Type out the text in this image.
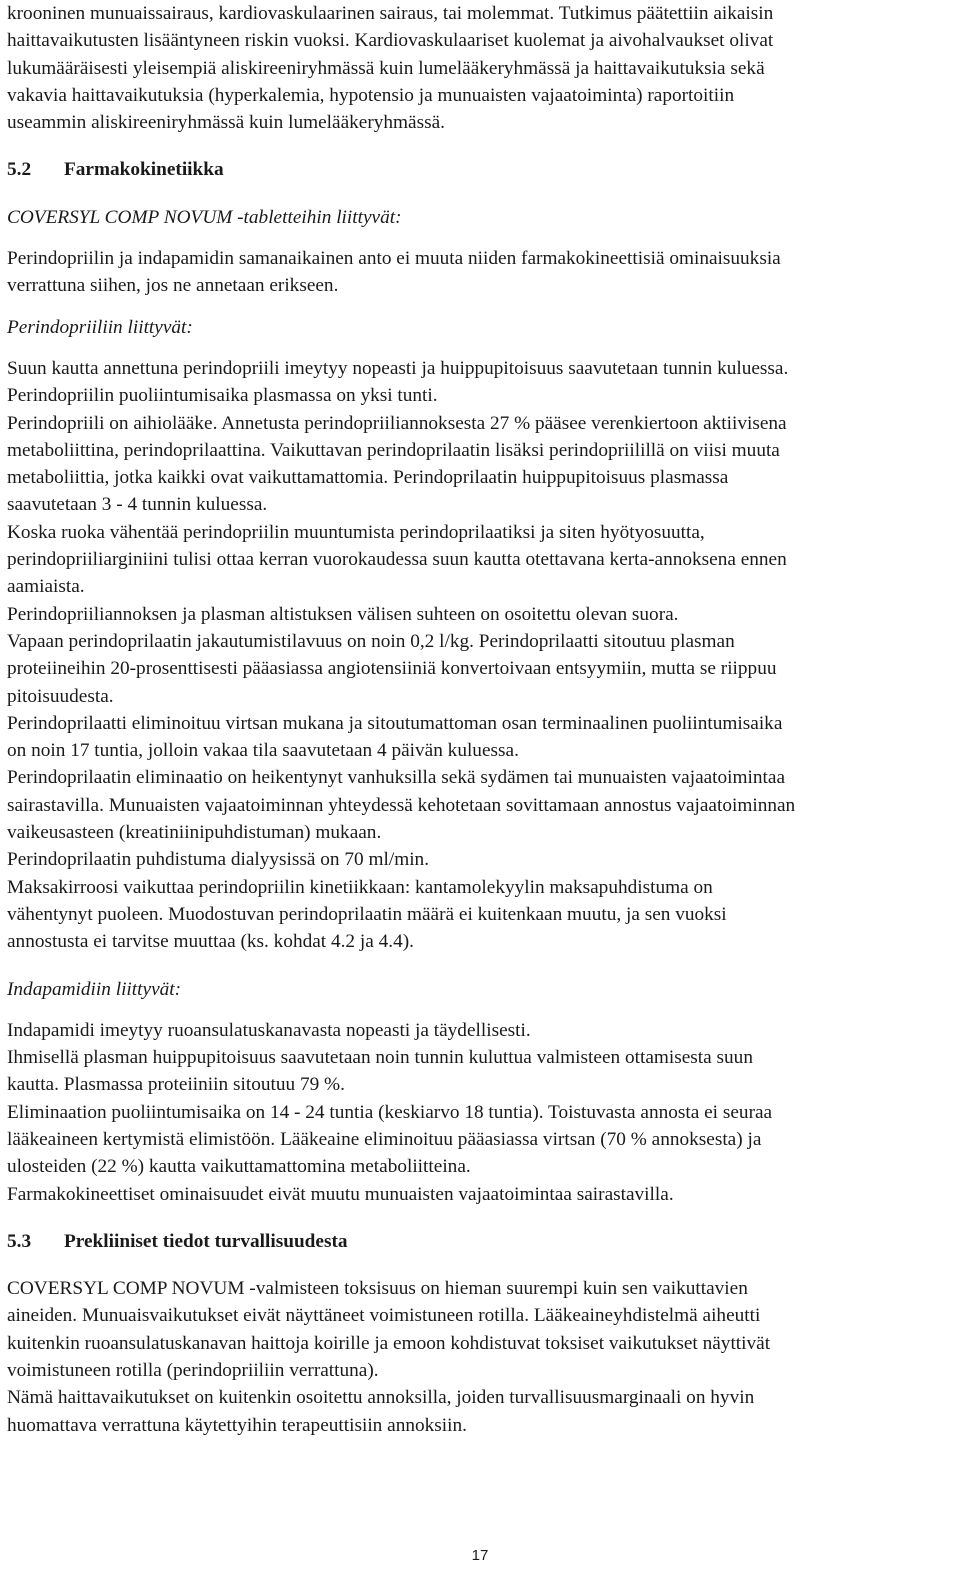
krooninen munuaissairaus, kardiovaskulaarinen sairaus, tai molemmat. Tutkimus päätettiin aikaisin

haittavaikutusten lisääntyneen riskin vuoksi. Kardiovaskulaariset kuolemat ja aivohalvaukset olivat

lukumääräisesti yleisempiä aliskireeniryhmässä kuin lumelääkeryhmässä ja haittavaikutuksia sekä

vakavia haittavaikutuksia (hyperkalemia, hypotensio ja munuaisten vajaatoiminta) raportoitiin

useammin aliskireeniryhmässä kuin lumelääkeryhmässä.

5.2 Farmakokinetiikka

COVERSYL COMP NOVUM -tabletteihin liittyvät:

Perindopriilin ja indapamidin samanaikainen anto ei muuta niiden farmakokineettisiä ominaisuuksia

verrattuna siihen, jos ne annetaan erikseen.

Perindopriiliin liittyvät:

Suun kautta annettuna perindopriili imeytyy nopeasti ja huippupitoisuus saavutetaan tunnin kuluessa.

Perindopriilin puoliintumisaika plasmassa on yksi tunti.

Perindopriili on aihiolääke. Annetusta perindopriiliannoksesta 27 % pääsee verenkiertoon aktiivisena

metaboliittina, perindoprilaattina. Vaikuttavan perindoprilaatin lisäksi perindopriilillä on viisi muuta

metaboliittia, jotka kaikki ovat vaikuttamattomia. Perindoprilaatin huippupitoisuus plasmassa

saavutetaan 3 - 4 tunnin kuluessa.

Koska ruoka vähentää perindopriilin muuntumista perindoprilaatiksi ja siten hyötyosuutta,

perindopriiliarginiini tulisi ottaa kerran vuorokaudessa suun kautta otettavana kerta-annoksena ennen

aamiaista.

Perindopriiliannoksen ja plasman altistuksen välisen suhteen on osoitettu olevan suora.

Vapaan perindoprilaatin jakautumistilavuus on noin 0,2 l/kg. Perindoprilaatti sitoutuu plasman

proteiineihin 20-prosenttisesti pääasiassa angiotensiiniä konvertoivaan entsyymiin, mutta se riippuu

pitoisuudesta.

Perindoprilaatti eliminoituu virtsan mukana ja sitoutumattoman osan terminaalinen puoliintumisaika

on noin 17 tuntia, jolloin vakaa tila saavutetaan 4 päivän kuluessa.

Perindoprilaatin eliminaatio on heikentynyt vanhuksilla sekä sydämen tai munuaisten vajaatoimintaa

sairastavilla. Munuaisten vajaatoiminnan yhteydessä kehotetaan sovittamaan annostus vajaatoiminnan

vaikeusasteen (kreatiniinipuhdistuman) mukaan.

Perindoprilaatin puhdistuma dialyysissä on 70 ml/min.

Maksakirroosi vaikuttaa perindopriilin kinetiikkaan: kantamolekyylin maksapuhdistuma on

vähentynyt puoleen. Muodostuvan perindoprilaatin määrä ei kuitenkaan muutu, ja sen vuoksi

annostusta ei tarvitse muuttaa (ks. kohdat 4.2 ja 4.4).

Indapamidiin liittyvät:

Indapamidi imeytyy ruoansulatuskanavasta nopeasti ja täydellisesti.

Ihmisellä plasman huippupitoisuus saavutetaan noin tunnin kuluttua valmisteen ottamisesta suun

kautta. Plasmassa proteiiniin sitoutuu 79 %.

Eliminaation puoliintumisaika on 14 - 24 tuntia (keskiarvo 18 tuntia). Toistuvasta annosta ei seuraa

lääkeaineen kertymistä elimistöön. Lääkeaine eliminoituu pääasiassa virtsan (70 % annoksesta) ja

ulosteiden (22 %) kautta vaikuttamattomina metaboliitteina.

Farmakokineettiset ominaisuudet eivät muutu munuaisten vajaatoimintaa sairastavilla.

5.3 Prekliiniset tiedot turvallisuudesta

COVERSYL COMP NOVUM -valmisteen toksisuus on hieman suurempi kuin sen vaikuttavien

aineiden. Munuaisvaikutukset eivät näyttäneet voimistuneen rotilla. Lääkeaineyhdistelmä aiheutti

kuitenkin ruoansulatuskanavan haittoja koirille ja emoon kohdistuvat toksiset vaikutukset näyttivät

voimistuneen rotilla (perindopriiliin verrattuna).

Nämä haittavaikutukset on kuitenkin osoitettu annoksilla, joiden turvallisuusmarginaali on hyvin

huomattava verrattuna käytettyihin terapeuttisiin annoksiin.

17
